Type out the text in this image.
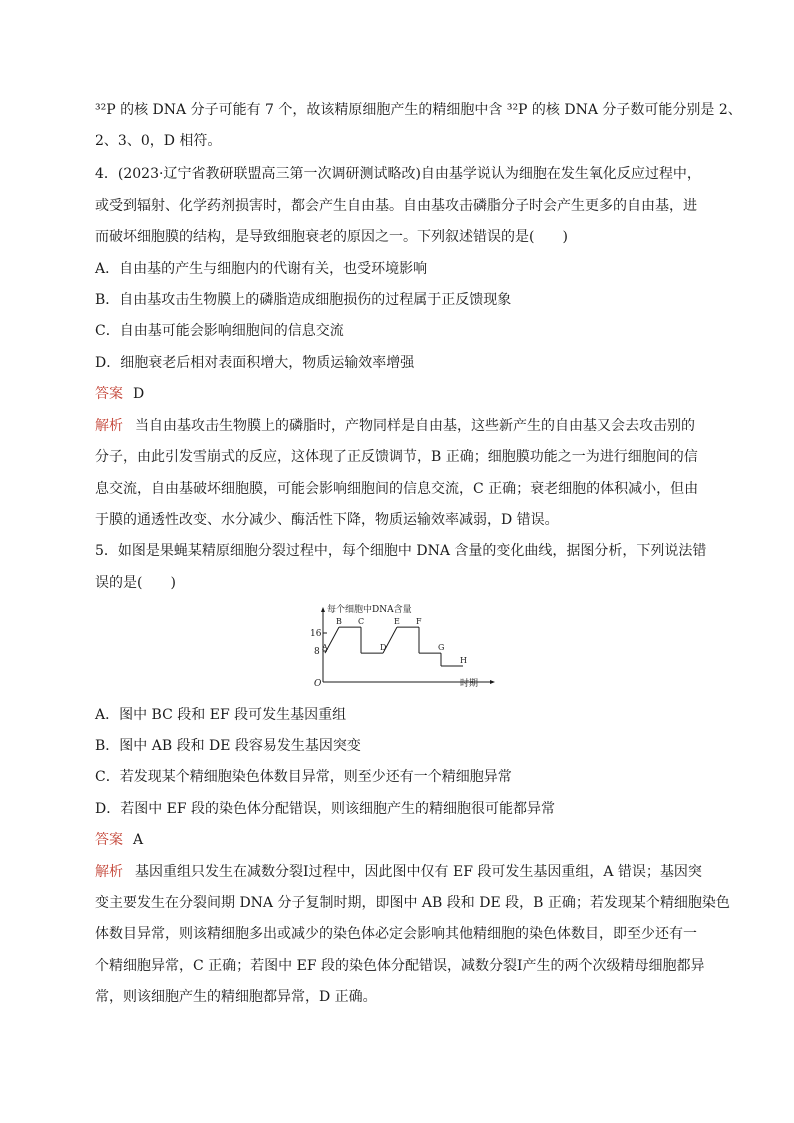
³²P 的核 DNA 分子可能有 7 个，故该精原细胞产生的精细胞中含 ³²P 的核 DNA 分子数可能分别是 2、
2、3、0，D 相符。
4．(2023·辽宁省教研联盟高三第一次调研测试略改)自由基学说认为细胞在发生氧化反应过程中，
或受到辐射、化学药剂损害时，都会产生自由基。自由基攻击磷脂分子时会产生更多的自由基，进
而破坏细胞膜的结构，是导致细胞衰老的原因之一。下列叙述错误的是(　　)
A．自由基的产生与细胞内的代谢有关，也受环境影响
B．自由基攻击生物膜上的磷脂造成细胞损伤的过程属于正反馈现象
C．自由基可能会影响细胞间的信息交流
D．细胞衰老后相对表面积增大，物质运输效率增强
答案 D
解析 当自由基攻击生物膜上的磷脂时，产物同样是自由基，这些新产生的自由基又会去攻击别的
分子，由此引发雪崩式的反应，这体现了正反馈调节，B 正确；细胞膜功能之一为进行细胞间的信
息交流，自由基破坏细胞膜，可能会影响细胞间的信息交流，C 正确；衰老细胞的体积减小，但由
于膜的通透性改变、水分减少、酶活性下降，物质运输效率减弱，D 错误。
5．如图是果蝇某精原细胞分裂过程中，每个细胞中 DNA 含量的变化曲线，据图分析，下列说法错
误的是(　　)
每个细胞中DNA含量
时期
O
16
8 A
B C
D
E F
G
H
A．图中 BC 段和 EF 段可发生基因重组
B．图中 AB 段和 DE 段容易发生基因突变
C．若发现某个精细胞染色体数目异常，则至少还有一个精细胞异常
D．若图中 EF 段的染色体分配错误，则该细胞产生的精细胞很可能都异常
答案 A
解析 基因重组只发生在减数分裂Ⅰ过程中，因此图中仅有 EF 段可发生基因重组，A 错误；基因突
变主要发生在分裂间期 DNA 分子复制时期，即图中 AB 段和 DE 段，B 正确；若发现某个精细胞染色
体数目异常，则该精细胞多出或减少的染色体必定会影响其他精细胞的染色体数目，即至少还有一
个精细胞异常，C 正确；若图中 EF 段的染色体分配错误，减数分裂Ⅰ产生的两个次级精母细胞都异
常，则该细胞产生的精细胞都异常，D 正确。
